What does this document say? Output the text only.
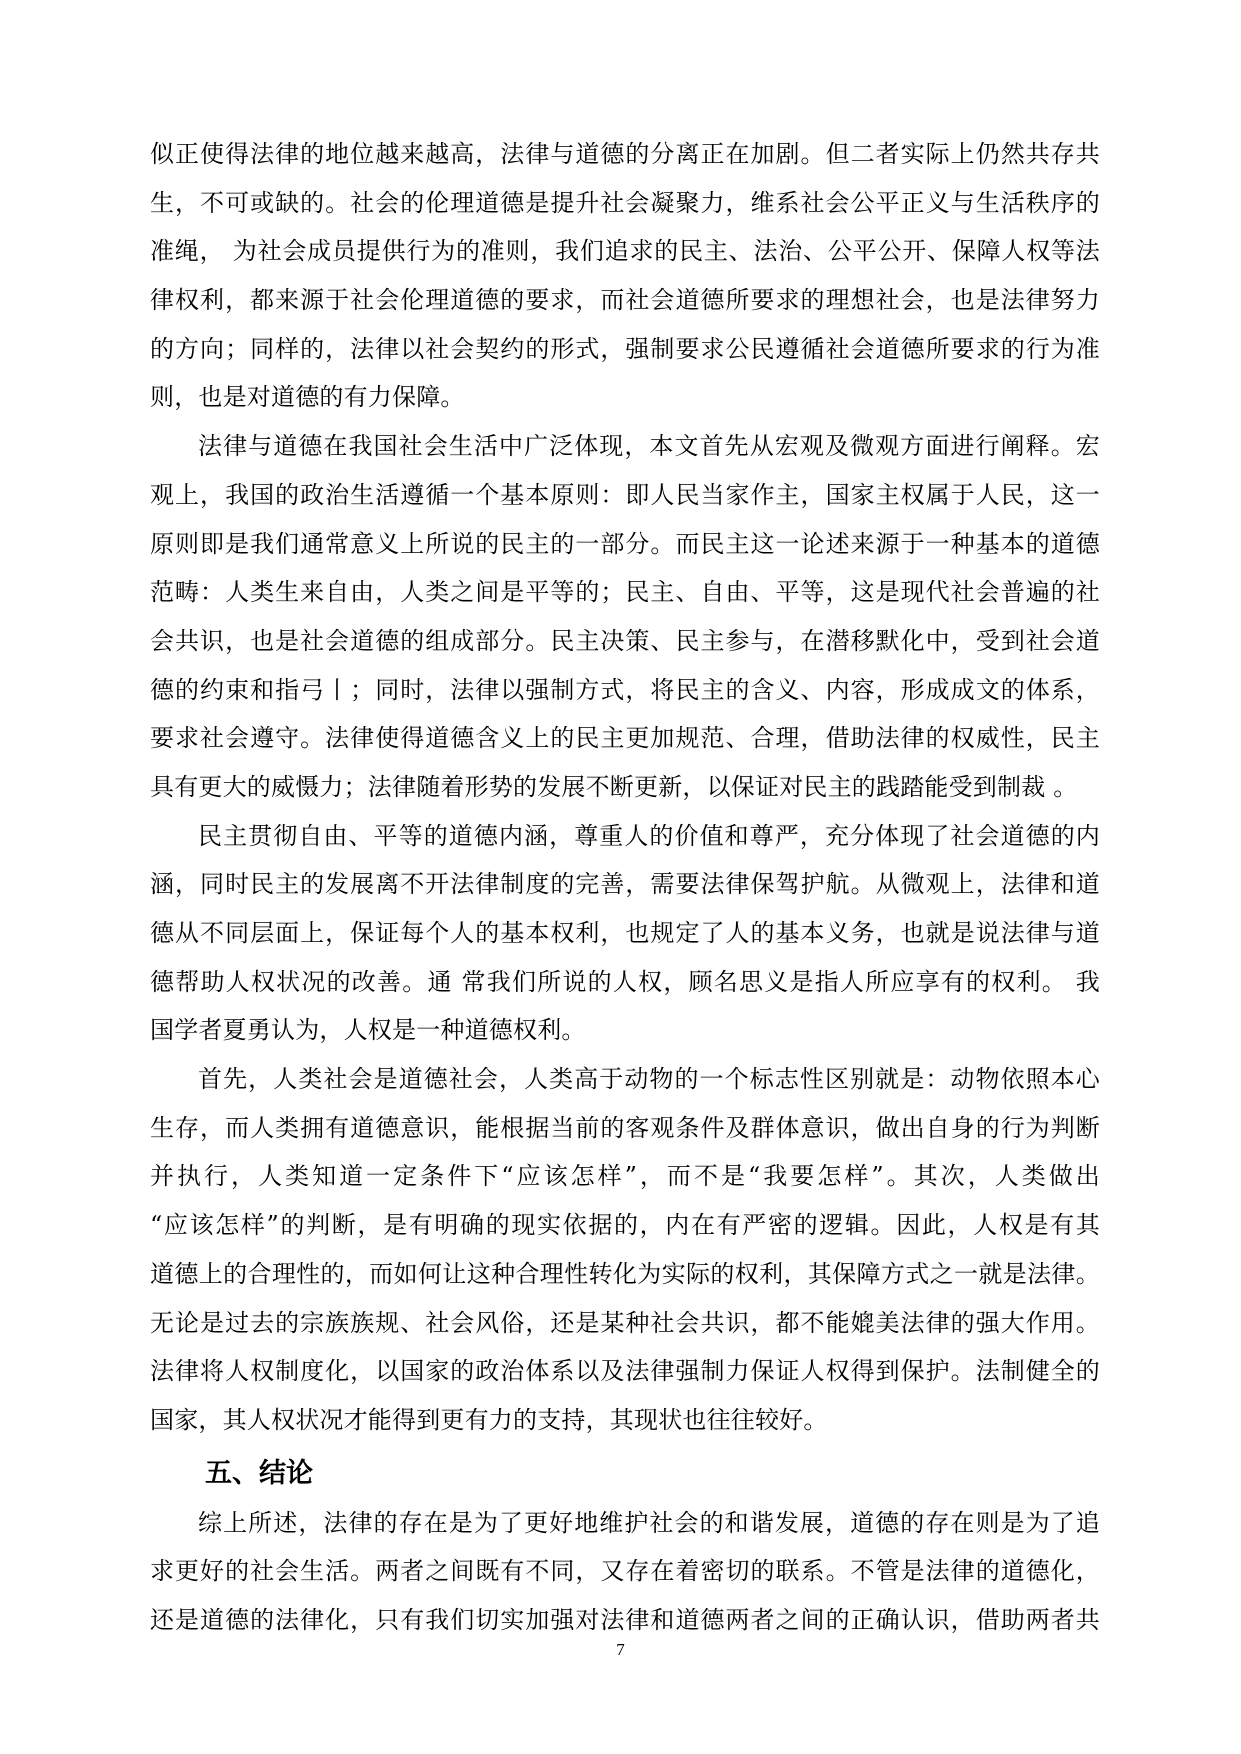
似正使得法律的地位越来越高，法律与道德的分离正在加剧。但二者实际上仍然共存共
生，不可或缺的。社会的伦理道德是提升社会凝聚力，维系社会公平正义与生活秩序的
准绳， 为社会成员提供行为的准则，我们追求的民主、法治、公平公开、保障人权等法
律权利，都来源于社会伦理道德的要求，而社会道德所要求的理想社会，也是法律努力
的方向；同样的，法律以社会契约的形式，强制要求公民遵循社会道德所要求的行为准
则，也是对道德的有力保障。
法律与道德在我国社会生活中广泛体现，本文首先从宏观及微观方面进行阐释。宏
观上，我国的政治生活遵循一个基本原则：即人民当家作主，国家主权属于人民，这一
原则即是我们通常意义上所说的民主的一部分。而民主这一论述来源于一种基本的道德
范畴：人类生来自由，人类之间是平等的；民主、自由、平等，这是现代社会普遍的社
会共识，也是社会道德的组成部分。民主决策、民主参与，在潜移默化中，受到社会道
德的约束和指弓丨；同时，法律以强制方式，将民主的含义、内容，形成成文的体系，
要求社会遵守。法律使得道德含义上的民主更加规范、合理，借助法律的权威性，民主
具有更大的威慑力；法律随着形势的发展不断更新，以保证对民主的践踏能受到制裁 。
民主贯彻自由、平等的道德内涵，尊重人的价值和尊严，充分体现了社会道德的内
涵，同时民主的发展离不开法律制度的完善，需要法律保驾护航。从微观上，法律和道
德从不同层面上，保证每个人的基本权利，也规定了人的基本义务，也就是说法律与道
德帮助人权状况的改善。通 常我们所说的人权，顾名思义是指人所应享有的权利。 我
国学者夏勇认为，人权是一种道德权利。
首先，人类社会是道德社会，人类高于动物的一个标志性区别就是：动物依照本心
生存，而人类拥有道德意识，能根据当前的客观条件及群体意识，做出自身的行为判断
并执行，人类知道一定条件下“应该怎样”，而不是“我要怎样”。其次，人类做出
“应该怎样”的判断，是有明确的现实依据的，内在有严密的逻辑。因此，人权是有其
道德上的合理性的，而如何让这种合理性转化为实际的权利，其保障方式之一就是法律。
无论是过去的宗族族规、社会风俗，还是某种社会共识，都不能媲美法律的强大作用。
法律将人权制度化，以国家的政治体系以及法律强制力保证人权得到保护。法制健全的
国家，其人权状况才能得到更有力的支持，其现状也往往较好。
五、结论
综上所述，法律的存在是为了更好地维护社会的和谐发展，道德的存在则是为了追
求更好的社会生活。两者之间既有不同，又存在着密切的联系。不管是法律的道德化，
还是道德的法律化，只有我们切实加强对法律和道德两者之间的正确认识，借助两者共
7
